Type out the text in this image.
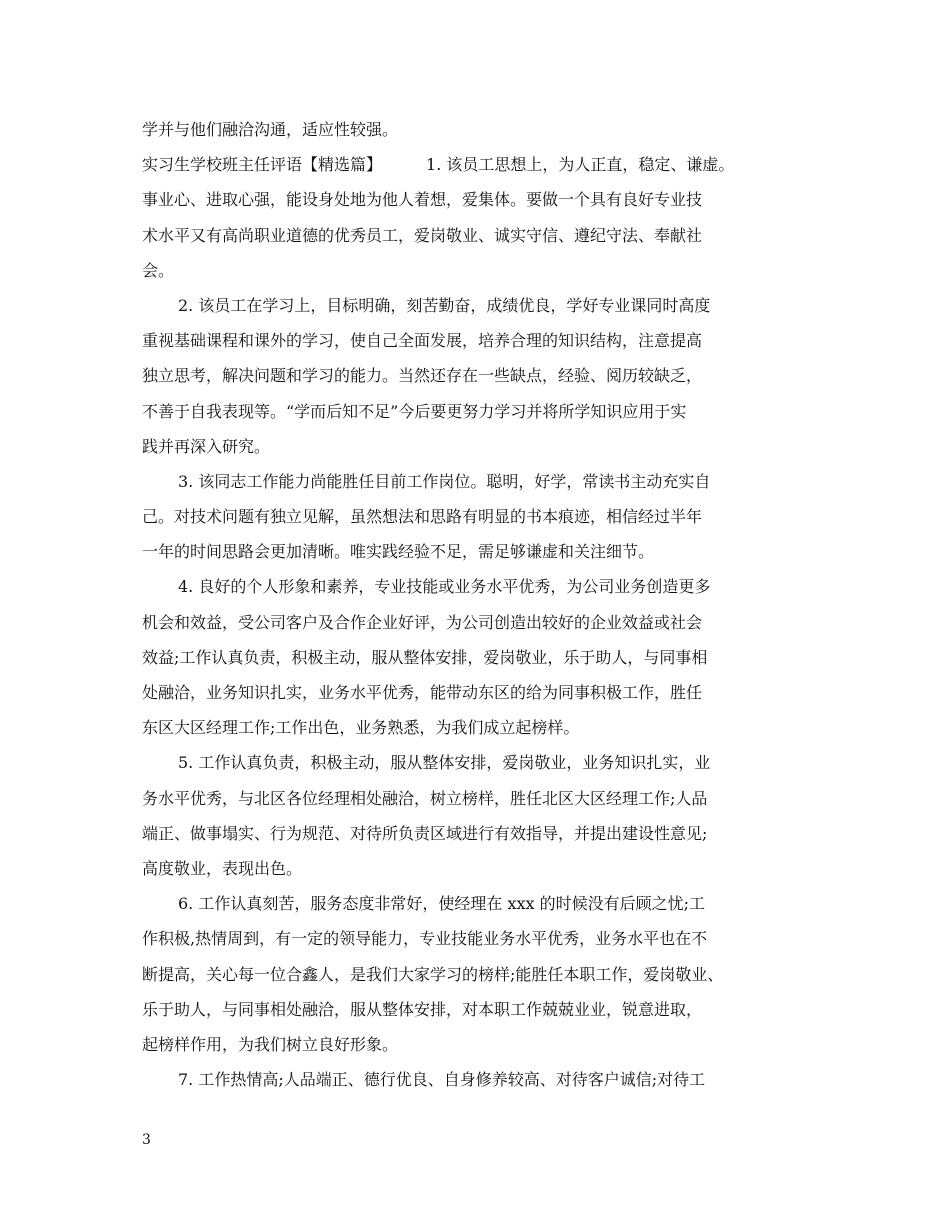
学并与他们融洽沟通，适应性较强。
实习生学校班主任评语【精选篇】	1. 该员工思想上，为人正直，稳定、谦虚。
事业心、进取心强，能设身处地为他人着想，爱集体。要做一个具有良好专业技
术水平又有高尚职业道德的优秀员工，爱岗敬业、诚实守信、遵纪守法、奉献社
会。
2. 该员工在学习上，目标明确，刻苦勤奋，成绩优良，学好专业课同时高度
重视基础课程和课外的学习，使自己全面发展，培养合理的知识结构，注意提高
独立思考，解决问题和学习的能力。当然还存在一些缺点，经验、阅历较缺乏，
不善于自我表现等。“学而后知不足”今后要更努力学习并将所学知识应用于实
践并再深入研究。
3. 该同志工作能力尚能胜任目前工作岗位。聪明，好学，常读书主动充实自
己。对技术问题有独立见解，虽然想法和思路有明显的书本痕迹，相信经过半年
一年的时间思路会更加清晰。唯实践经验不足，需足够谦虚和关注细节。
4. 良好的个人形象和素养，专业技能或业务水平优秀，为公司业务创造更多
机会和效益，受公司客户及合作企业好评，为公司创造出较好的企业效益或社会
效益;工作认真负责，积极主动，服从整体安排，爱岗敬业，乐于助人，与同事相
处融洽，业务知识扎实，业务水平优秀，能带动东区的给为同事积极工作，胜任
东区大区经理工作;工作出色，业务熟悉，为我们成立起榜样。
5. 工作认真负责，积极主动，服从整体安排，爱岗敬业，业务知识扎实，业
务水平优秀，与北区各位经理相处融洽，树立榜样，胜任北区大区经理工作;人品
端正、做事塌实、行为规范、对待所负责区域进行有效指导，并提出建设性意见;
高度敬业，表现出色。
6. 工作认真刻苦，服务态度非常好，使经理在 xxx 的时候没有后顾之忧;工
作积极,热情周到，有一定的领导能力，专业技能业务水平优秀，业务水平也在不
断提高，关心每一位合鑫人，是我们大家学习的榜样;能胜任本职工作，爱岗敬业、
乐于助人，与同事相处融洽，服从整体安排，对本职工作兢兢业业，锐意进取，
起榜样作用，为我们树立良好形象。
7. 工作热情高;人品端正、德行优良、自身修养较高、对待客户诚信;对待工
3
